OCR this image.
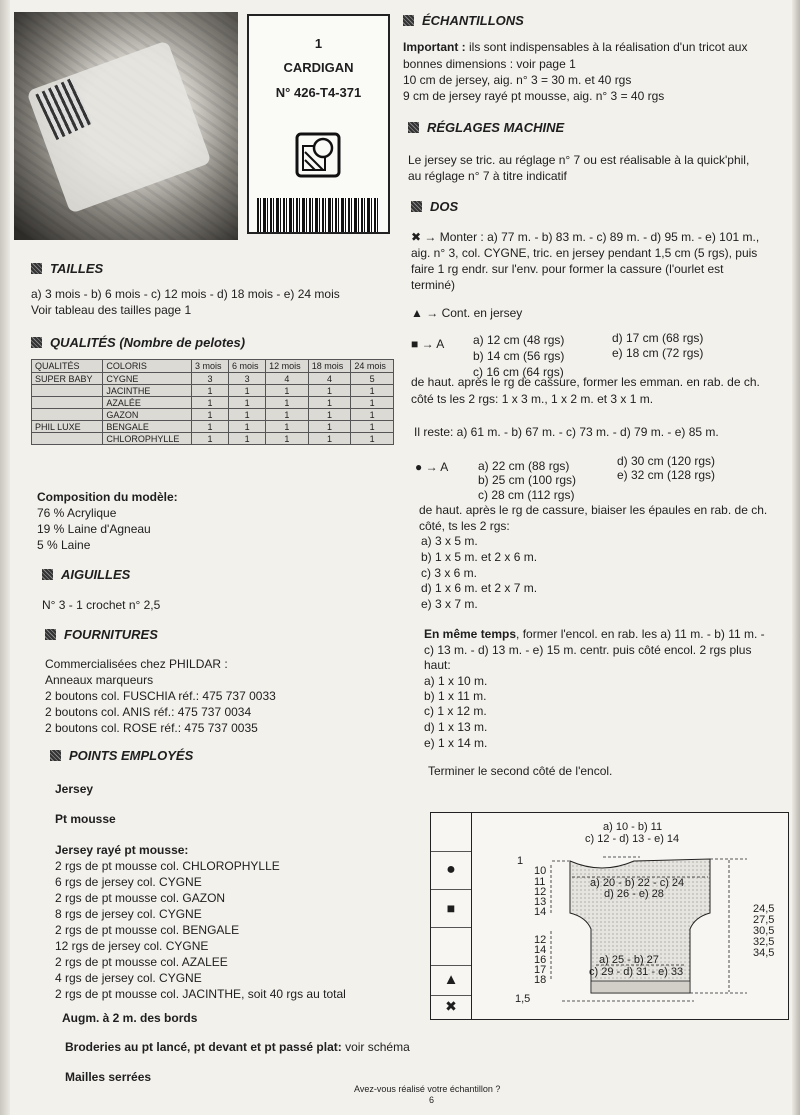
1
CARDIGAN
N° 426-T4-371
TAILLES
a) 3 mois - b) 6 mois - c) 12 mois - d) 18 mois - e) 24 mois
Voir tableau des tailles page 1
QUALITÉS (Nombre de pelotes)
QUALITÉS	COLORIS	3 mois	6 mois	12 mois	18 mois	24 mois
SUPER BABY	CYGNE	3	3	4	4	5
	JACINTHE	1	1	1	1	1
	AZALÉE	1	1	1	1	1
	GAZON	1	1	1	1	1
PHIL LUXE	BENGALE	1	1	1	1	1
	CHLOROPHYLLE	1	1	1	1	1
Composition du modèle:
76 % Acrylique
19 % Laine d'Agneau
5 % Laine
AIGUILLES
N° 3 - 1 crochet n° 2,5
FOURNITURES
Commercialisées chez PHILDAR :
Anneaux marqueurs
2 boutons col. FUSCHIA réf.: 475 737 0033
2 boutons col. ANIS réf.: 475 737 0034
2 boutons col. ROSE réf.: 475 737 0035
POINTS EMPLOYÉS
Jersey
Pt mousse
Jersey rayé pt mousse:
2 rgs de pt mousse col. CHLOROPHYLLE
6 rgs de jersey col. CYGNE
2 rgs de pt mousse col. GAZON
8 rgs de jersey col. CYGNE
2 rgs de pt mousse col. BENGALE
12 rgs de jersey col. CYGNE
2 rgs de pt mousse col. AZALEE
4 rgs de jersey col. CYGNE
2 rgs de pt mousse col. JACINTHE, soit 40 rgs au total
Augm. à 2 m. des bords
Broderies au pt lancé, pt devant et pt passé plat: voir schéma
Mailles serrées
ÉCHANTILLONS
Important : ils sont indispensables à la réalisation d'un tricot aux
bonnes dimensions : voir page 1
10 cm de jersey, aig. n° 3 = 30 m. et 40 rgs
9 cm de jersey rayé pt mousse, aig. n° 3 = 40 rgs
RÉGLAGES MACHINE
Le jersey se tric. au réglage n° 7 ou est réalisable à la quick'phil,
au réglage n° 7 à titre indicatif
DOS
✖ → Monter : a) 77 m. - b) 83 m. - c) 89 m. - d) 95 m. - e) 101 m.,
aig. n° 3, col. CYGNE, tric. en jersey pendant 1,5 cm (5 rgs), puis
faire 1 rg endr. sur l'env. pour former la cassure (l'ourlet est
terminé)
▲ → Cont. en jersey
■ → A a) 12 cm (48 rgs)
b) 14 cm (56 rgs)
c) 16 cm (64 rgs)
d) 17 cm (68 rgs)
e) 18 cm (72 rgs)
de haut. après le rg de cassure, former les emman. en rab. de ch.
côté ts les 2 rgs: 1 x 3 m., 1 x 2 m. et 3 x 1 m.
Il reste: a) 61 m. - b) 67 m. - c) 73 m. - d) 79 m. - e) 85 m.
● → A a) 22 cm (88 rgs)
b) 25 cm (100 rgs)
c) 28 cm (112 rgs)
d) 30 cm (120 rgs)
e) 32 cm (128 rgs)
de haut. après le rg de cassure, biaiser les épaules en rab. de ch.
côté, ts les 2 rgs:
a) 3 x 5 m.
b) 1 x 5 m. et 2 x 6 m.
c) 3 x 6 m.
d) 1 x 6 m. et 2 x 7 m.
e) 3 x 7 m.
En même temps, former l'encol. en rab. les a) 11 m. - b) 11 m. -
c) 13 m. - d) 13 m. - e) 15 m. centr. puis côté encol. 2 rgs plus
haut:
a) 1 x 10 m.
b) 1 x 11 m.
c) 1 x 12 m.
d) 1 x 13 m.
e) 1 x 14 m.
Terminer le second côté de l'encol.
●
■
▲
✖
a) 10 - b) 11
c) 12 - d) 13 - e) 14
a) 20 - b) 22 - c) 24
d) 26 - e) 28
a) 25 - b) 27
c) 29 - d) 31 - e) 33
1
10
11
12
13
14
12
14
16
17
18
1,5
24,5
27,5
30,5
32,5
34,5
Avez-vous réalisé votre échantillon ?
6
